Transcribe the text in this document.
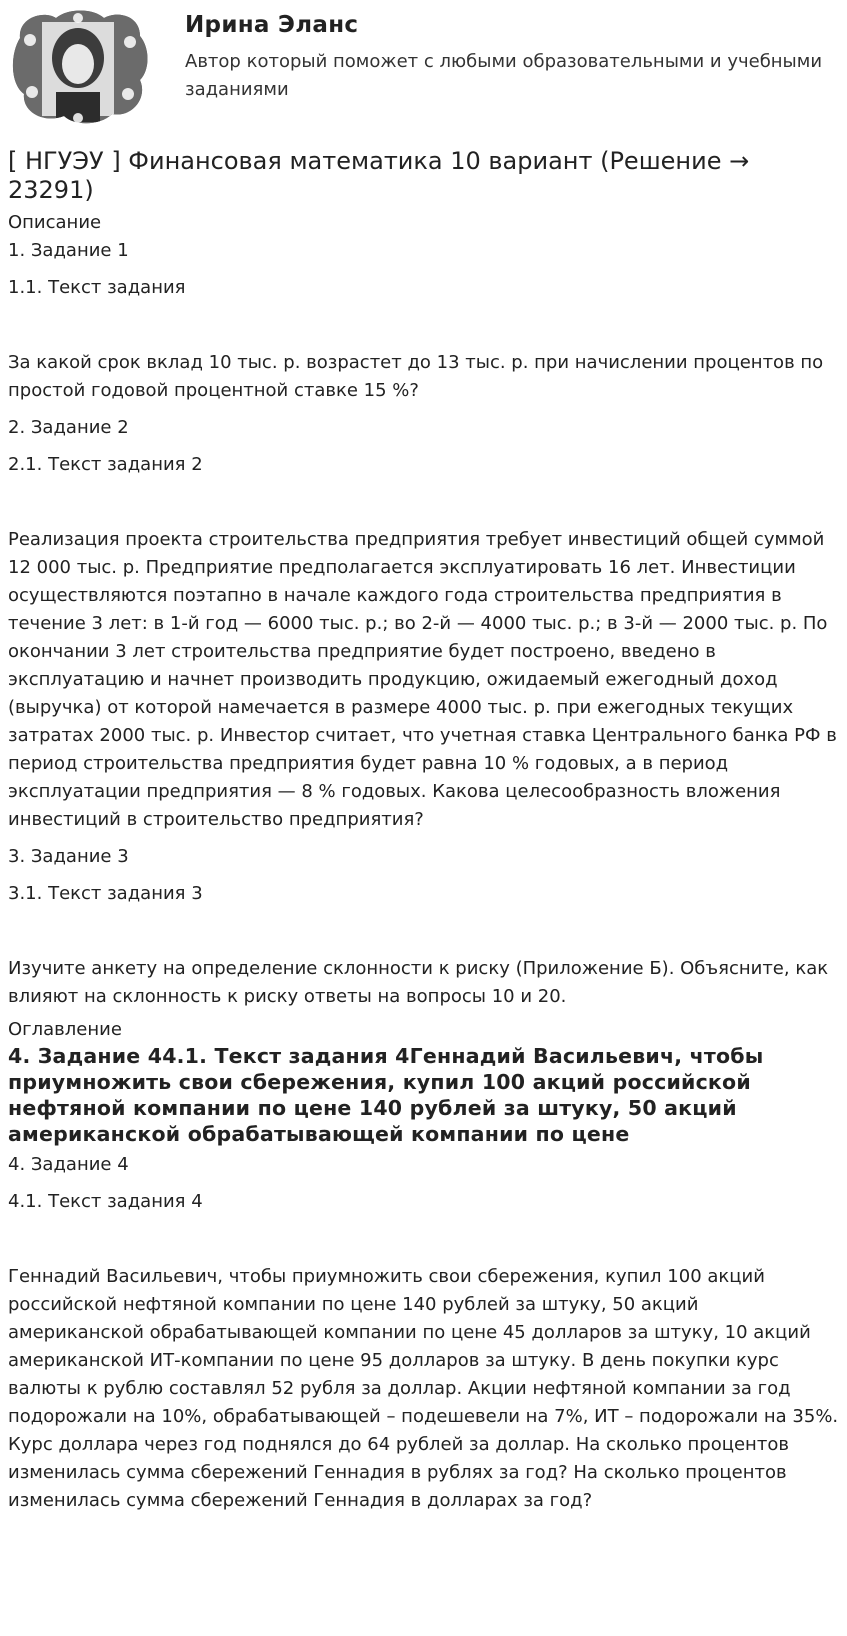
Ирина Эланс
Автор который поможет с любыми образовательными и учебными заданиями
[ НГУЭУ ] Финансовая математика 10 вариант (Решение → 23291)
Описание

1. Задание 1

1.1. Текст задания

За какой срок вклад 10 тыс. р. возрастет до 13 тыс. р. при начислении процентов по простой годовой процентной ставке 15 %?

2. Задание 2

2.1. Текст задания 2

Реализация проекта строительства предприятия требует инвестиций общей суммой 12 000 тыс. р. Предприятие предполагается эксплуатировать 16 лет. Инвестиции осуществляются поэтапно в начале каждого года строительства предприятия в течение 3 лет: в 1-й год — 6000 тыс. р.; во 2-й — 4000 тыс. р.; в 3-й — 2000 тыс. р. По окончании 3 лет строительства предприятие будет построено, введено в эксплуатацию и начнет производить продукцию, ожидаемый ежегодный доход (выручка) от которой намечается в размере 4000 тыс. р. при ежегодных текущих затратах 2000 тыс. р. Инвестор считает, что учетная ставка Центрального банка РФ в период строительства предприятия будет равна 10 % годовых, а в период эксплуатации предприятия — 8 % годовых. Какова целесообразность вложения инвестиций в строительство предприятия?

3. Задание 3

3.1. Текст задания 3

Изучите анкету на определение склонности к риску (Приложение Б). Объясните, как влияют на склонность к риску ответы на вопросы 10 и 20.

Оглавление
4. Задание 44.1. Текст задания 4Геннадий Васильевич, чтобы приумножить свои сбережения, купил 100 акций российской нефтяной компании по цене 140 рублей за штуку, 50 акций американской обрабатывающей компании по цене

4. Задание 4

4.1. Текст задания 4

Геннадий Васильевич, чтобы приумножить свои сбережения, купил 100 акций российской нефтяной компании по цене 140 рублей за штуку, 50 акций американской обрабатывающей компании по цене 45 долларов за штуку, 10 акций американской ИТ-компании по цене 95 долларов за штуку. В день покупки курс валюты к рублю составлял 52 рубля за доллар. Акции нефтяной компании за год подорожали на 10%, обрабатывающей – подешевели на 7%, ИТ – подорожали на 35%. Курс доллара через год поднялся до 64 рублей за доллар. На сколько процентов изменилась сумма сбережений Геннадия в рублях за год? На сколько процентов изменилась сумма сбережений Геннадия в долларах за год?
